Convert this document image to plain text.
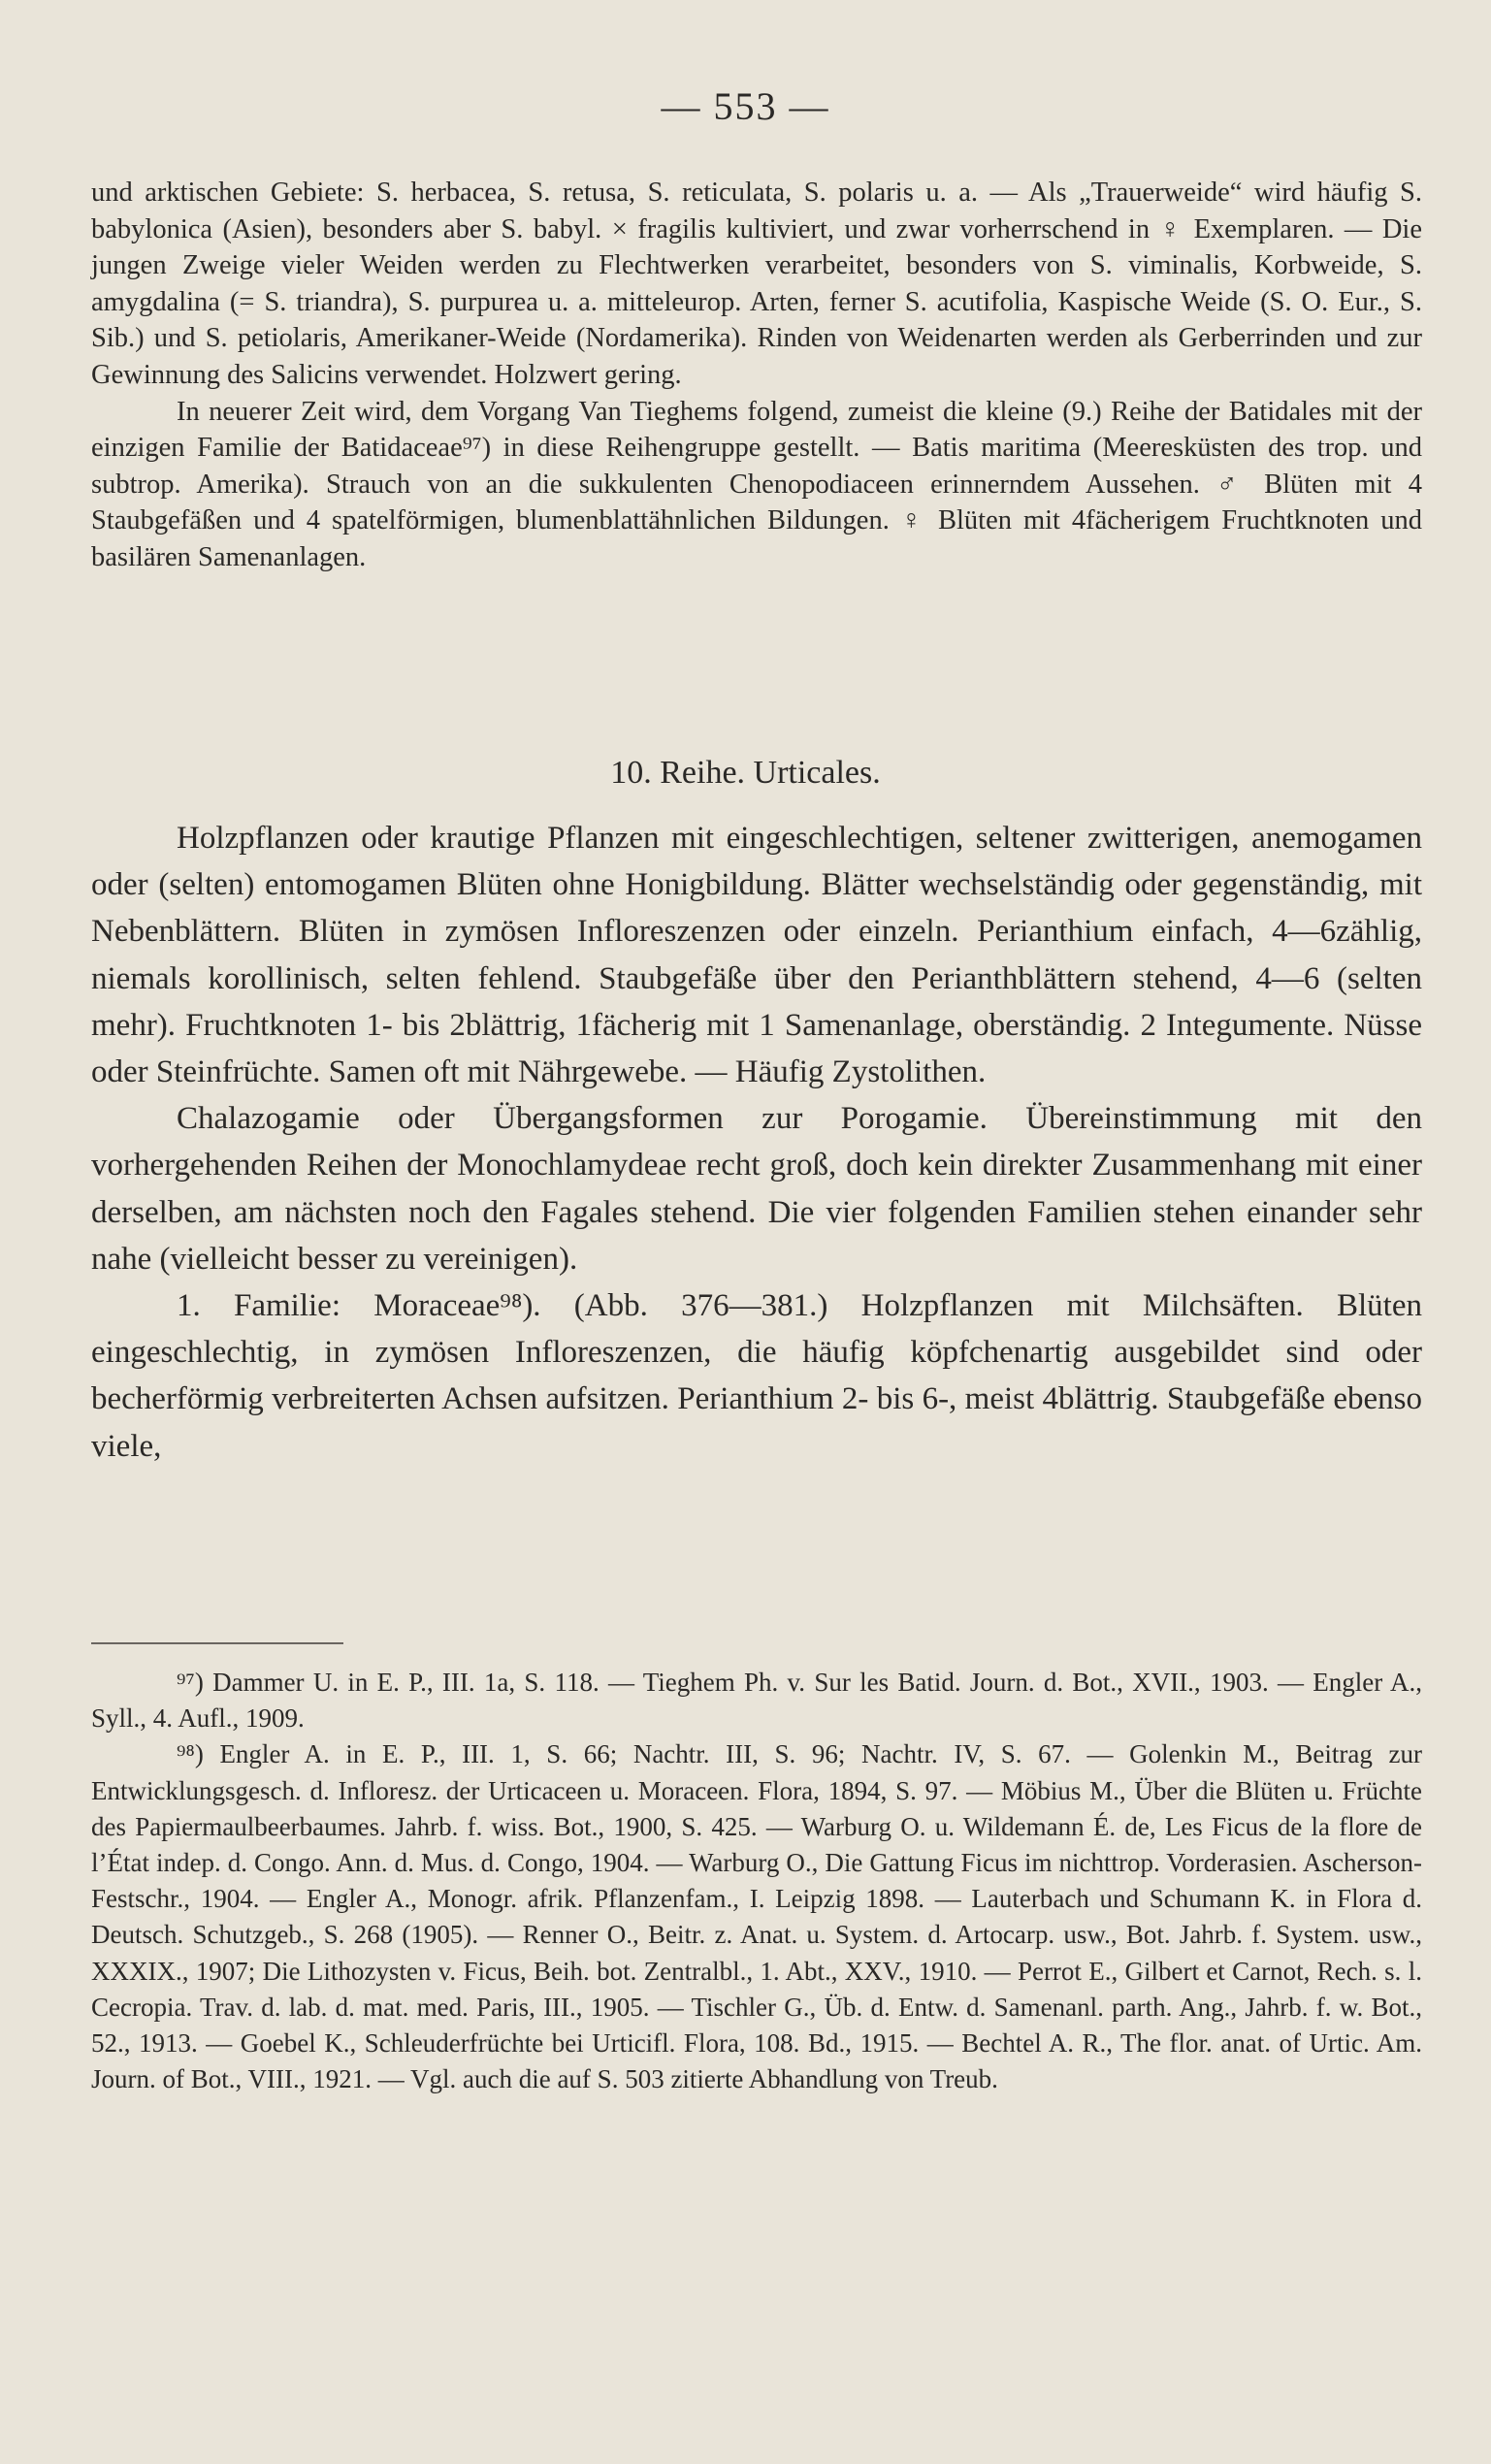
— 553 —

und arktischen Gebiete: S. herbacea, S. retusa, S. reticulata, S. polaris u. a. — Als „Trauerweide“ wird häufig S. babylonica (Asien), besonders aber S. babyl. × fragilis kultiviert, und zwar vorherrschend in ♀ Exemplaren. — Die jungen Zweige vieler Weiden werden zu Flechtwerken verarbeitet, besonders von S. viminalis, Korbweide, S. amygdalina (= S. triandra), S. purpurea u. a. mitteleurop. Arten, ferner S. acutifolia, Kaspische Weide (S. O. Eur., S. Sib.) und S. petiolaris, Amerikaner-Weide (Nordamerika). Rinden von Weidenarten werden als Gerberrinden und zur Gewinnung des Salicins verwendet. Holzwert gering.

In neuerer Zeit wird, dem Vorgang Van Tieghems folgend, zumeist die kleine (9.) Reihe der Batidales mit der einzigen Familie der Batidaceae⁹⁷) in diese Reihengruppe gestellt. — Batis maritima (Meeresküsten des trop. und subtrop. Amerika). Strauch von an die sukkulenten Chenopodiaceen erinnerndem Aussehen. ♂ Blüten mit 4 Staubgefäßen und 4 spatelförmigen, blumenblattähnlichen Bildungen. ♀ Blüten mit 4fächerigem Fruchtknoten und basilären Samenanlagen.

10. Reihe. Urticales.

Holzpflanzen oder krautige Pflanzen mit eingeschlechtigen, seltener zwitterigen, anemogamen oder (selten) entomogamen Blüten ohne Honigbildung. Blätter wechselständig oder gegenständig, mit Nebenblättern. Blüten in zymösen Infloreszenzen oder einzeln. Perianthium einfach, 4—6zählig, niemals korollinisch, selten fehlend. Staubgefäße über den Perianthblättern stehend, 4—6 (selten mehr). Fruchtknoten 1- bis 2blättrig, 1fächerig mit 1 Samenanlage, oberständig. 2 Integumente. Nüsse oder Steinfrüchte. Samen oft mit Nährgewebe. — Häufig Zystolithen.

Chalazogamie oder Übergangsformen zur Porogamie. Übereinstimmung mit den vorhergehenden Reihen der Monochlamydeae recht groß, doch kein direkter Zusammenhang mit einer derselben, am nächsten noch den Fagales stehend. Die vier folgenden Familien stehen einander sehr nahe (vielleicht besser zu vereinigen).

1. Familie: Moraceae⁹⁸). (Abb. 376—381.) Holzpflanzen mit Milchsäften. Blüten eingeschlechtig, in zymösen Infloreszenzen, die häufig köpfchenartig ausgebildet sind oder becherförmig verbreiterten Achsen aufsitzen. Perianthium 2- bis 6-, meist 4blättrig. Staubgefäße ebenso viele,

⁹⁷) Dammer U. in E. P., III. 1a, S. 118. — Tieghem Ph. v. Sur les Batid. Journ. d. Bot., XVII., 1903. — Engler A., Syll., 4. Aufl., 1909.

⁹⁸) Engler A. in E. P., III. 1, S. 66; Nachtr. III, S. 96; Nachtr. IV, S. 67. — Golenkin M., Beitrag zur Entwicklungsgesch. d. Infloresz. der Urticaceen u. Moraceen. Flora, 1894, S. 97. — Möbius M., Über die Blüten u. Früchte des Papiermaulbeerbaumes. Jahrb. f. wiss. Bot., 1900, S. 425. — Warburg O. u. Wildemann É. de, Les Ficus de la flore de l’État indep. d. Congo. Ann. d. Mus. d. Congo, 1904. — Warburg O., Die Gattung Ficus im nichttrop. Vorderasien. Ascherson-Festschr., 1904. — Engler A., Monogr. afrik. Pflanzenfam., I. Leipzig 1898. — Lauterbach und Schumann K. in Flora d. Deutsch. Schutzgeb., S. 268 (1905). — Renner O., Beitr. z. Anat. u. System. d. Artocarp. usw., Bot. Jahrb. f. System. usw., XXXIX., 1907; Die Lithozysten v. Ficus, Beih. bot. Zentralbl., 1. Abt., XXV., 1910. — Perrot E., Gilbert et Carnot, Rech. s. l. Cecropia. Trav. d. lab. d. mat. med. Paris, III., 1905. — Tischler G., Üb. d. Entw. d. Samenanl. parth. Ang., Jahrb. f. w. Bot., 52., 1913. — Goebel K., Schleuderfrüchte bei Urticifl. Flora, 108. Bd., 1915. — Bechtel A. R., The flor. anat. of Urtic. Am. Journ. of Bot., VIII., 1921. — Vgl. auch die auf S. 503 zitierte Abhandlung von Treub.
